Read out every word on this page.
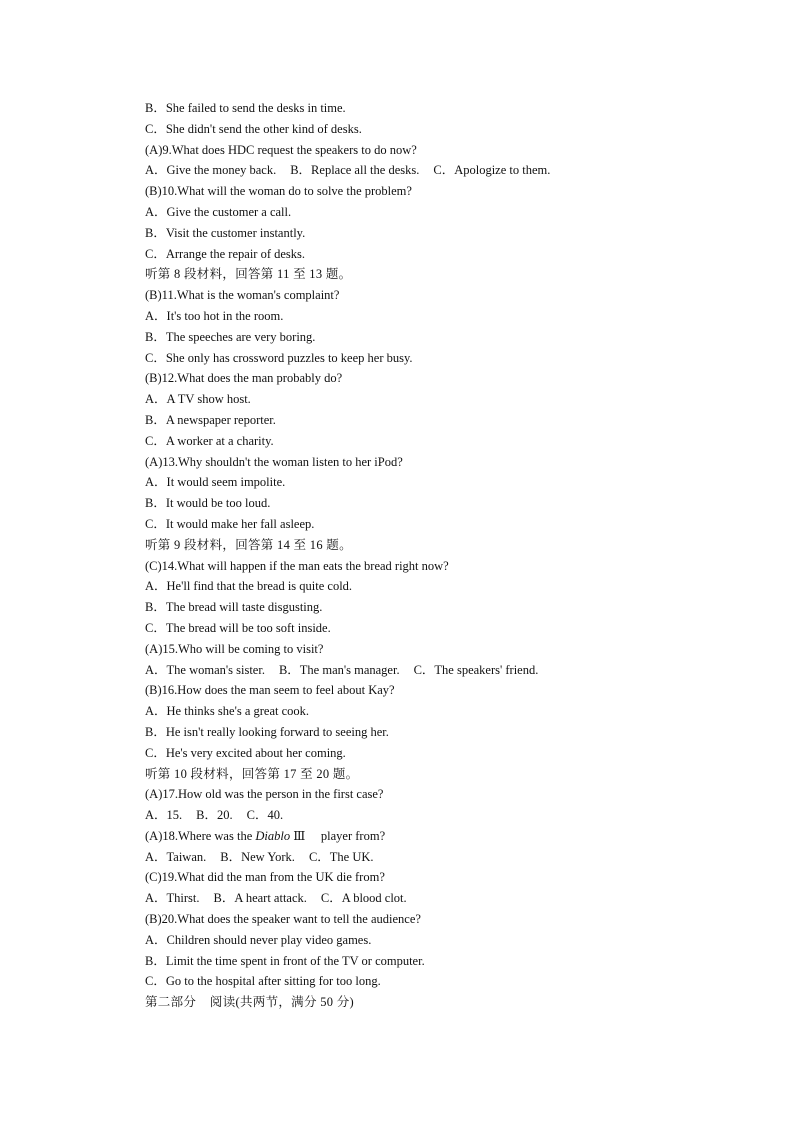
B．She failed to send the desks in time.
C．She didn't send the other kind of desks.
(A)9.What does HDC request the speakers to do now?
A．Give the money back. B．Replace all the desks. C．Apologize to them.
(B)10.What will the woman do to solve the problem?
A．Give the customer a call.
B．Visit the customer instantly.
C．Arrange the repair of desks.
听第 8 段材料，回答第 11 至 13 题。
(B)11.What is the woman's complaint?
A．It's too hot in the room.
B．The speeches are very boring.
C．She only has crossword puzzles to keep her busy.
(B)12.What does the man probably do?
A．A TV show host.
B．A newspaper reporter.
C．A worker at a charity.
(A)13.Why shouldn't the woman listen to her iPod?
A．It would seem impolite.
B．It would be too loud.
C．It would make her fall asleep.
听第 9 段材料，回答第 14 至 16 题。
(C)14.What will happen if the man eats the bread right now?
A．He'll find that the bread is quite cold.
B．The bread will taste disgusting.
C．The bread will be too soft inside.
(A)15.Who will be coming to visit?
A．The woman's sister. B．The man's manager. C．The speakers' friend.
(B)16.How does the man seem to feel about Kay?
A．He thinks she's a great cook.
B．He isn't really looking forward to seeing her.
C．He's very excited about her coming.
听第 10 段材料，回答第 17 至 20 题。
(A)17.How old was the person in the first case?
A．15. B．20. C．40.
(A)18.Where was the Diablo Ⅲ     player from?
A．Taiwan. B．New York. C．The UK.
(C)19.What did the man from the UK die from?
A．Thirst. B．A heart attack. C．A blood clot.
(B)20.What does the speaker want to tell the audience?
A．Children should never play video games.
B．Limit the time spent in front of the TV or computer.
C．Go to the hospital after sitting for too long.
第二部分    阅读(共两节，满分 50 分)
